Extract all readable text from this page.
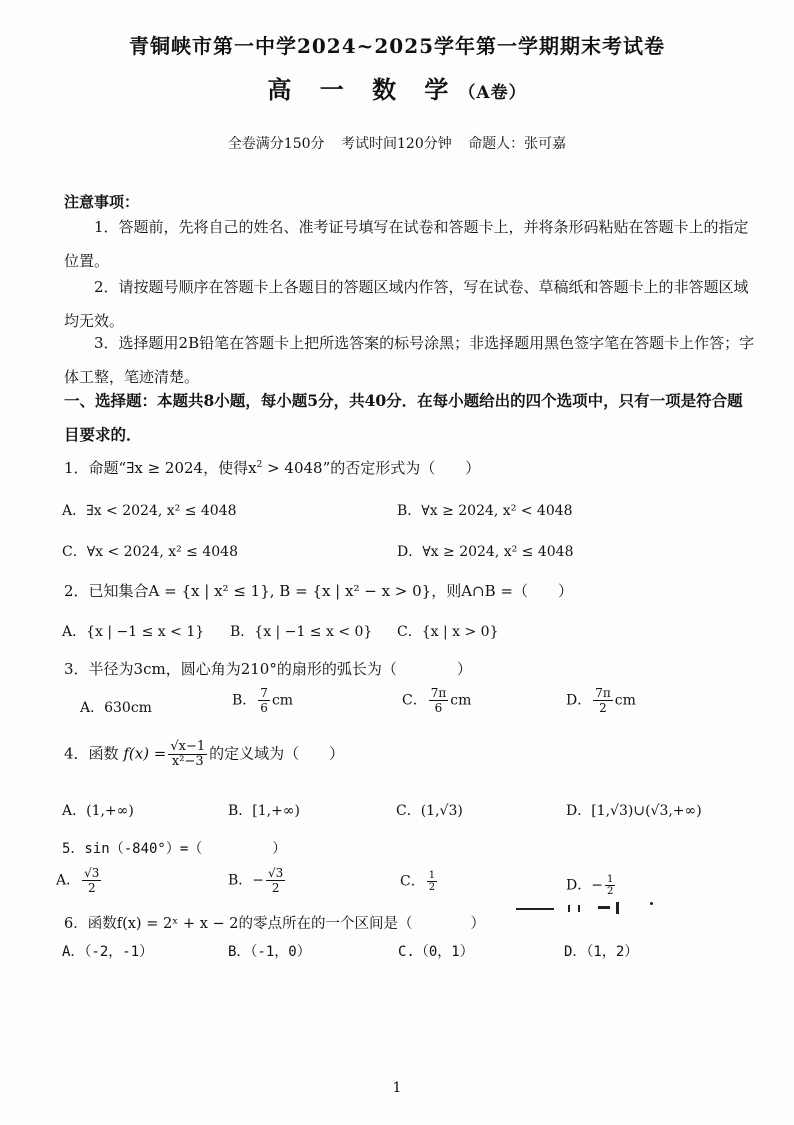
青铜峡市第一中学2024~2025学年第一学期期末考试卷
高 一 数 学（A卷）
全卷满分150分 考试时间120分钟 命题人：张可嘉
注意事项：
1．答题前，先将自己的姓名、准考证号填写在试卷和答题卡上，并将条形码粘贴在答题卡上的指定位置。
2．请按题号顺序在答题卡上各题目的答题区域内作答，写在试卷、草稿纸和答题卡上的非答题区域均无效。
3．选择题用2B铅笔在答题卡上把所选答案的标号涂黑；非选择题用黑色签字笔在答题卡上作答；字体工整，笔迹清楚。
一、选择题：本题共8小题，每小题5分，共40分．在每小题给出的四个选项中，只有一项是符合题目要求的．
1．命题“∃x ≥ 2024，使得$x^2 > 4048$”的否定形式为（　　）
A．∃x < 2024, x² ≤ 4048	B．∀x ≥ 2024, x² < 4048
C．∀x < 2024, x² ≤ 4048	D．∀x ≥ 2024, x² ≤ 4048
2．已知集合A = {x | x² ≤ 1}, B = {x | x² − x > 0}，则A∩B =（　　）
A．{x | −1 ≤ x < 1} B．{x | −1 ≤ x < 0} C．{x | x > 0}
3．半径为3cm，圆心角为210°的扇形的弧长为（　　　　）
A．630cm	B． $\frac{7}{6}$ cm	C． $\frac{7\pi}{6}$ cm	D． $\frac{7\pi}{2}$ cm
4．函数 $f(x) = \frac{√x-1}{\text{x²−3}}$ 的定义域为（　　）
A．(1,+∞)	B．[1,+∞)	C．(1,√3)	D．[1,√3)∪(√3,+∞)
5．sin（-840°）=（　　　　　）
A． $\frac{√3}{2}$	B．− $\frac{√3}{2}$	C． $\frac{1}{2}$	D．− $\frac{1}{2}$
6．函数f(x) = 2ˣ + x − 2的零点所在的一个区间是（　　　　）
A．（-2，-1）	B．（-1，0）	C.（0，1）	D．（1，2）
1
